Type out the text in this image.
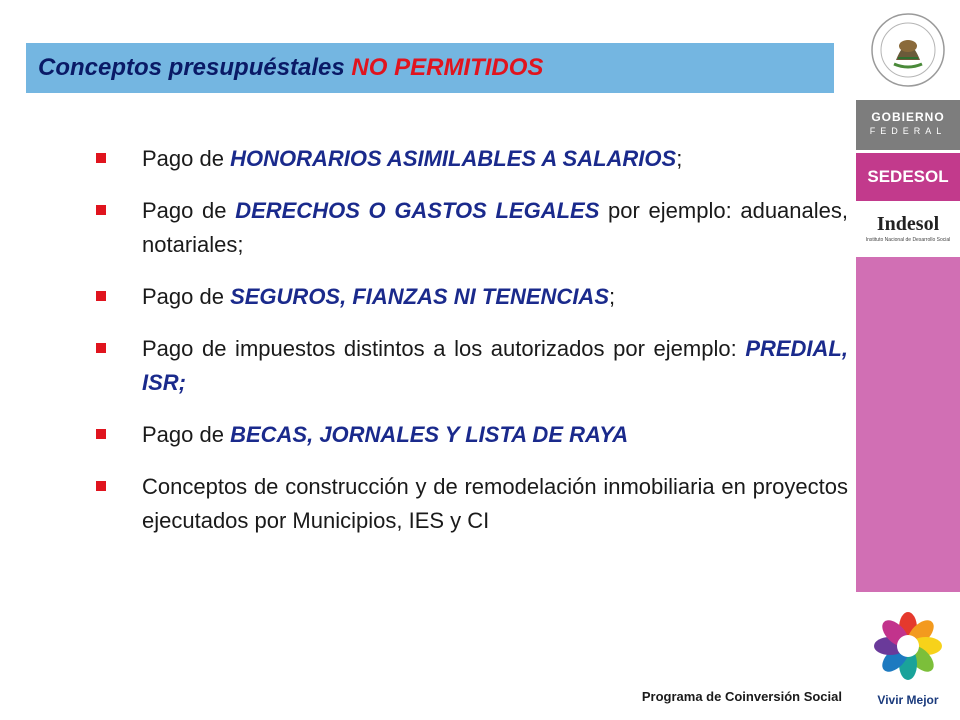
Conceptos presupuéstales NO PERMITIDOS
Pago de HONORARIOS ASIMILABLES A SALARIOS;
Pago de DERECHOS O GASTOS LEGALES por ejemplo: aduanales, notariales;
Pago de SEGUROS, FIANZAS NI TENENCIAS;
Pago de impuestos distintos a los autorizados por ejemplo: PREDIAL, ISR;
Pago de BECAS, JORNALES Y LISTA DE RAYA
Conceptos de construcción y de remodelación inmobiliaria en proyectos ejecutados por Municipios, IES y CI
Programa de Coinversión Social
GOBIERNO
FEDERAL
SEDESOL
Indesol
Instituto Nacional de Desarrollo Social
Vivir Mejor
